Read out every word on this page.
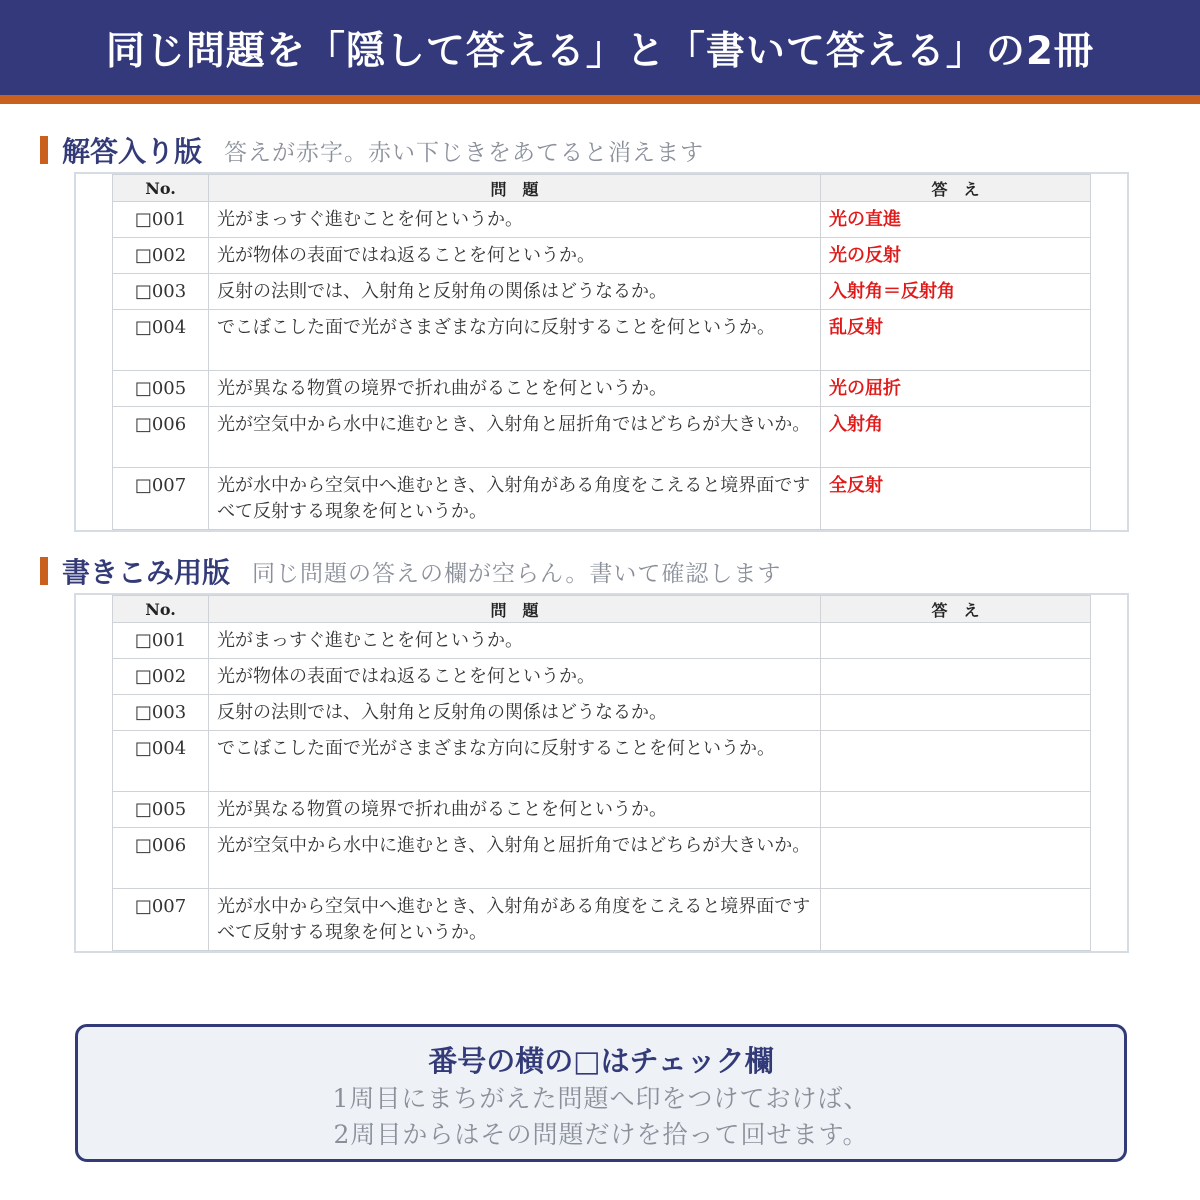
同じ問題を「隠して答える」と「書いて答える」の2冊
解答入り版 答えが赤字。赤い下じきをあてると消えます
No.	問　題	答　え
□001	光がまっすぐ進むことを何というか。	光の直進
□002	光が物体の表面ではね返ることを何というか。	光の反射
□003	反射の法則では、入射角と反射角の関係はどうなるか。	入射角＝反射角
□004	でこぼこした面で光がさまざまな方向に反射することを何というか。	乱反射
□005	光が異なる物質の境界で折れ曲がることを何というか。	光の屈折
□006	光が空気中から水中に進むとき、入射角と屈折角ではどちらが大きいか。	入射角
□007	光が水中から空気中へ進むとき、入射角がある角度をこえると境界面ですべて反射する現象を何というか。	全反射
書きこみ用版 同じ問題の答えの欄が空らん。書いて確認します
No.	問　題	答　え
□001	光がまっすぐ進むことを何というか。	
□002	光が物体の表面ではね返ることを何というか。	
□003	反射の法則では、入射角と反射角の関係はどうなるか。	
□004	でこぼこした面で光がさまざまな方向に反射することを何というか。	
□005	光が異なる物質の境界で折れ曲がることを何というか。	
□006	光が空気中から水中に進むとき、入射角と屈折角ではどちらが大きいか。	
□007	光が水中から空気中へ進むとき、入射角がある角度をこえると境界面ですべて反射する現象を何というか。	
番号の横の□はチェック欄
1周目にまちがえた問題へ印をつけておけば、
2周目からはその問題だけを拾って回せます。
